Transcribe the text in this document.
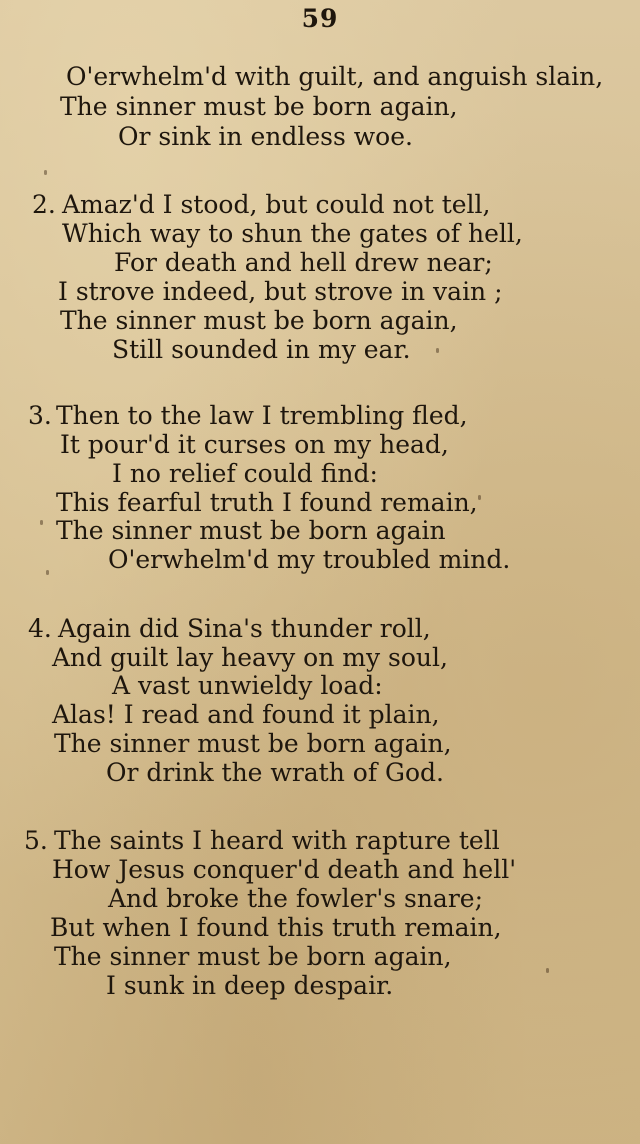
59
O'erwhelm'd with guilt, and anguish slain,
The sinner must be born again,
Or sink in endless woe.
2. Amaz'd I stood, but could not tell,
Which way to shun the gates of hell,
For death and hell drew near;
I strove indeed, but strove in vain ;
The sinner must be born again,
Still sounded in my ear.
3. Then to the law I trembling fled,
It pour'd it curses on my head,
I no relief could find:
This fearful truth I found remain,
The sinner must be born again
O'erwhelm'd my troubled mind.
4. Again did Sina's thunder roll,
And guilt lay heavy on my soul,
A vast unwieldy load:
Alas! I read and found it plain,
The sinner must be born again,
Or drink the wrath of God.
5. The saints I heard with rapture tell
How Jesus conquer'd death and hell'
And broke the fowler's snare;
But when I found this truth remain,
The sinner must be born again,
I sunk in deep despair.
